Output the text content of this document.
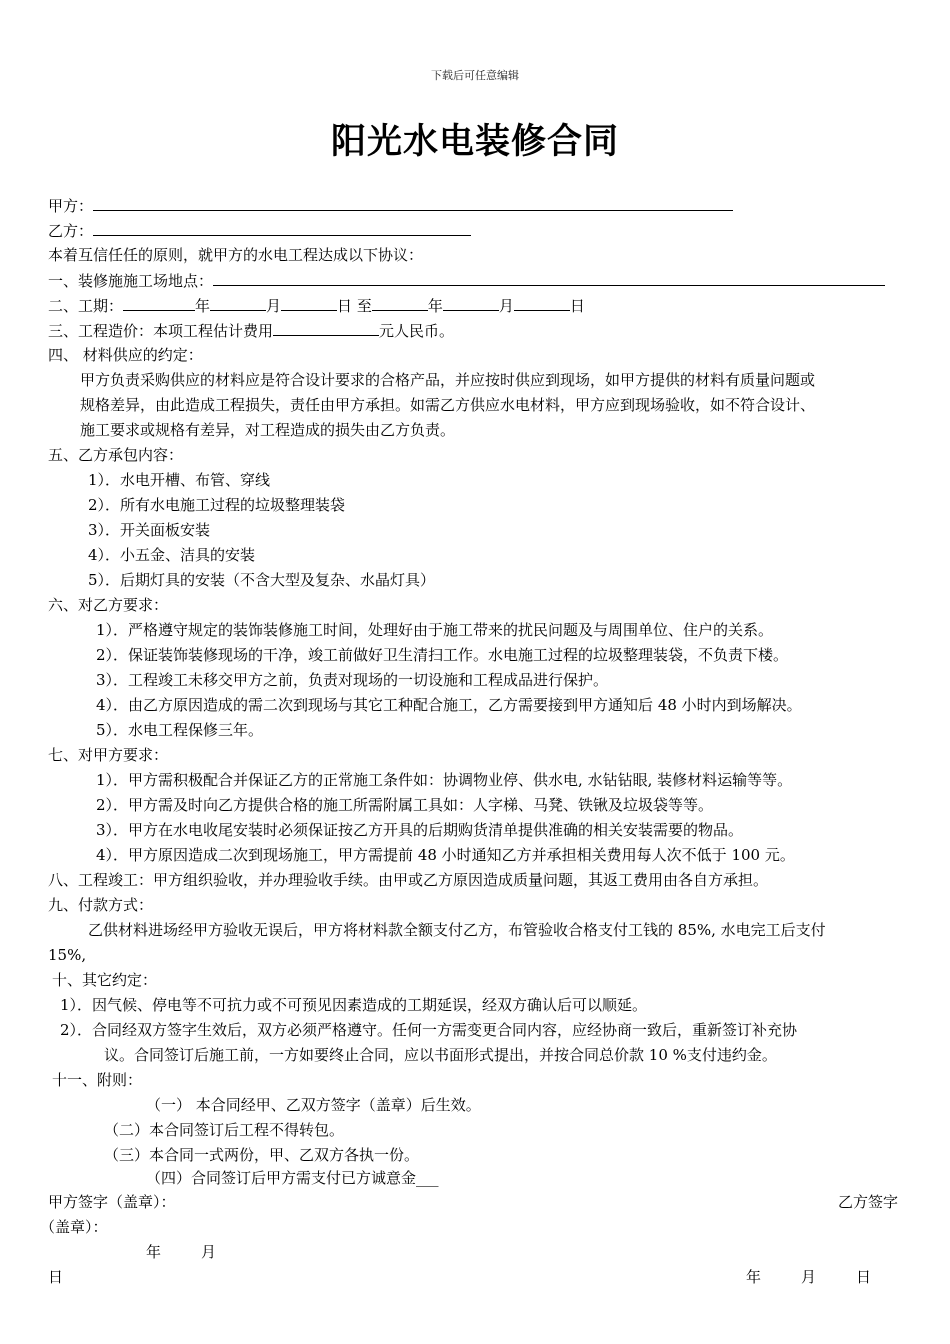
下载后可任意编辑
阳光水电装修合同
甲方：
乙方：
本着互信任任的原则，就甲方的水电工程达成以下协议：
一、装修施施工场地点：
二、工期：	年	月	日 至	年	月	日
三、工程造价：本项工程估计费用	元人民币。
四、 材料供应的约定：
甲方负责采购供应的材料应是符合设计要求的合格产品，并应按时供应到现场，如甲方提供的材料有质量问题或
规格差异，由此造成工程损失，责任由甲方承担。如需乙方供应水电材料，甲方应到现场验收，如不符合设计、
施工要求或规格有差异，对工程造成的损失由乙方负责。
五、乙方承包内容：
1）．水电开槽、布管、穿线
2）．所有水电施工过程的垃圾整理装袋
3）．开关面板安装
4）．小五金、洁具的安装
5）．后期灯具的安装（不含大型及复杂、水晶灯具）
六、对乙方要求：
1）．严格遵守规定的装饰装修施工时间，处理好由于施工带来的扰民问题及与周围单位、住户的关系。
2）．保证装饰装修现场的干净，竣工前做好卫生清扫工作。水电施工过程的垃圾整理装袋，不负责下楼。
3）．工程竣工未移交甲方之前，负责对现场的一切设施和工程成品进行保护。
4）．由乙方原因造成的需二次到现场与其它工种配合施工，乙方需要接到甲方通知后 48 小时内到场解决。
5）．水电工程保修三年。
七、对甲方要求：
1）．甲方需积极配合并保证乙方的正常施工条件如：协调物业停、供水电, 水钻钻眼, 装修材料运输等等。
2）．甲方需及时向乙方提供合格的施工所需附属工具如：人字梯、马凳、铁锹及垃圾袋等等。
3）．甲方在水电收尾安装时必须保证按乙方开具的后期购货清单提供准确的相关安装需要的物品。
4）．甲方原因造成二次到现场施工，甲方需提前 48 小时通知乙方并承担相关费用每人次不低于 100 元。
八、工程竣工：甲方组织验收，并办理验收手续。由甲或乙方原因造成质量问题，其返工费用由各自方承担。
九、付款方式：
乙供材料进场经甲方验收无误后，甲方将材料款全额支付乙方，布管验收合格支付工钱的 85%, 水电完工后支付
15%,
十、其它约定：
1）．因气候、停电等不可抗力或不可预见因素造成的工期延误，经双方确认后可以顺延。
2）．合同经双方签字生效后，双方必须严格遵守。任何一方需变更合同内容，应经协商一致后，重新签订补充协
议。合同签订后施工前，一方如要终止合同，应以书面形式提出，并按合同总价款 10 %支付违约金。
十一、附则：
（一） 本合同经甲、乙双方签字（盖章）后生效。
（二）本合同签订后工程不得转包。
（三）本合同一式两份，甲、乙双方各执一份。
（四）合同签订后甲方需支付已方诚意金___
甲方签字（盖章）：	乙方签字
（盖章）：
年	月
日	年	月	日
